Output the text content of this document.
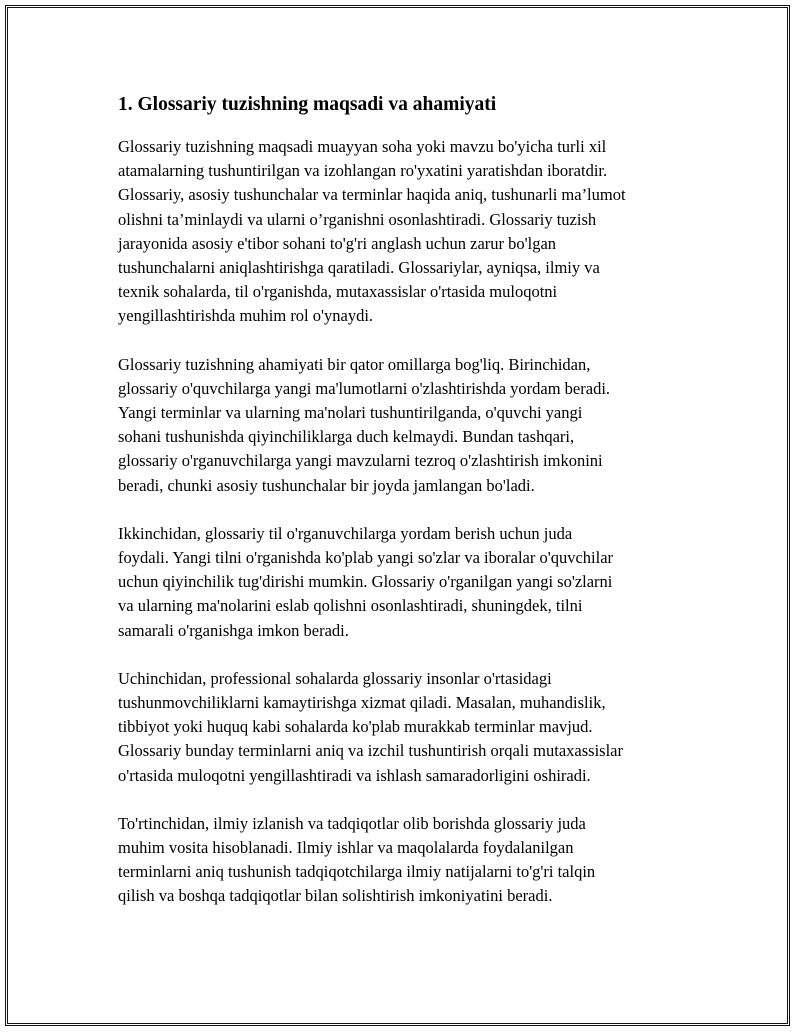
1. Glossariy tuzishning maqsadi va ahamiyati

Glossariy tuzishning maqsadi muayyan soha yoki mavzu bo'yicha turli xil
atamalarning tushuntirilgan va izohlangan ro'yxatini yaratishdan iboratdir.
Glossariy, asosiy tushunchalar va terminlar haqida aniq, tushunarli ma’lumot
olishni ta’minlaydi va ularni o’rganishni osonlashtiradi. Glossariy tuzish
jarayonida asosiy e'tibor sohani to'g'ri anglash uchun zarur bo'lgan
tushunchalarni aniqlashtirishga qaratiladi. Glossariylar, ayniqsa, ilmiy va
texnik sohalarda, til o'rganishda, mutaxassislar o'rtasida muloqotni
yengillashtirishda muhim rol o'ynaydi.

Glossariy tuzishning ahamiyati bir qator omillarga bog'liq. Birinchidan,
glossariy o'quvchilarga yangi ma'lumotlarni o'zlashtirishda yordam beradi.
Yangi terminlar va ularning ma'nolari tushuntirilganda, o'quvchi yangi
sohani tushunishda qiyinchiliklarga duch kelmaydi. Bundan tashqari,
glossariy o'rganuvchilarga yangi mavzularni tezroq o'zlashtirish imkonini
beradi, chunki asosiy tushunchalar bir joyda jamlangan bo'ladi.

Ikkinchidan, glossariy til o'rganuvchilarga yordam berish uchun juda
foydali. Yangi tilni o'rganishda ko'plab yangi so'zlar va iboralar o'quvchilar
uchun qiyinchilik tug'dirishi mumkin. Glossariy o'rganilgan yangi so'zlarni
va ularning ma'nolarini eslab qolishni osonlashtiradi, shuningdek, tilni
samarali o'rganishga imkon beradi.

Uchinchidan, professional sohalarda glossariy insonlar o'rtasidagi
tushunmovchiliklarni kamaytirishga xizmat qiladi. Masalan, muhandislik,
tibbiyot yoki huquq kabi sohalarda ko'plab murakkab terminlar mavjud.
Glossariy bunday terminlarni aniq va izchil tushuntirish orqali mutaxassislar
o'rtasida muloqotni yengillashtiradi va ishlash samaradorligini oshiradi.

To'rtinchidan, ilmiy izlanish va tadqiqotlar olib borishda glossariy juda
muhim vosita hisoblanadi. Ilmiy ishlar va maqolalarda foydalanilgan
terminlarni aniq tushunish tadqiqotchilarga ilmiy natijalarni to'g'ri talqin
qilish va boshqa tadqiqotlar bilan solishtirish imkoniyatini beradi.
